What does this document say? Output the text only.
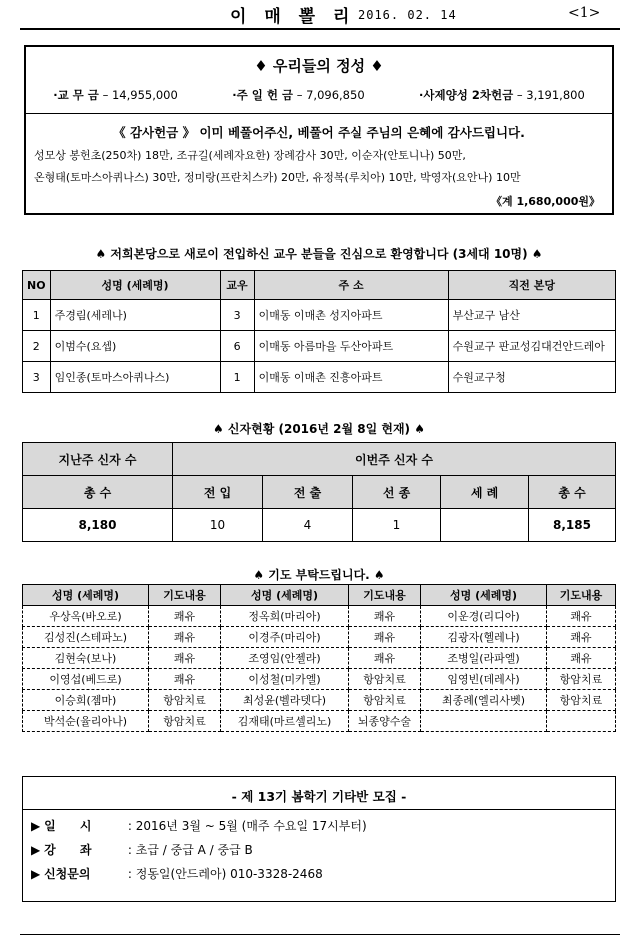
이 매 뽈 리 2016. 02. 14	<1>
♦ 우리들의 정성 ♦
·교 무 금 – 14,955,000	·주 일 헌 금 – 7,096,850	·사제양성 2차헌금 – 3,191,800
《 감사헌금 》 이미 베풀어주신, 베풀어 주실 주님의 은혜에 감사드립니다.
성모상 봉헌초(250차) 18만, 조규길(세례자요한) 장례감사 30만, 이순자(안토니나) 50만,
온형태(토마스아퀴나스) 30만, 정미랑(프란치스카) 20만, 유정복(루치아) 10만, 박영자(요안나) 10만
《계 1,680,000원》
♠ 저희본당으로 새로이 전입하신 교우 분들을 진심으로 환영합니다 (3세대 10명) ♠
NO	성명 (세례명)	교우	주 소	직전 본당
1	주경림(세레나)	3	이매동 이매촌 성지아파트	부산교구 남산
2	이범수(요셉)	6	이매동 아름마을 두산아파트	수원교구 판교성김대건안드레아
3	임인종(토마스아퀴나스)	1	이매동 이매촌 진흥아파트	수원교구청
♠ 신자현황 (2016년 2월 8일 현재) ♠
지난주 신자 수	이번주 신자 수				
총 수	전 입	전 출	선 종	세 례	총 수
8,180	10	4	1		8,185
♠ 기도 부탁드립니다. ♠
성명 (세례명)	기도내용	성명 (세례명)	기도내용	성명 (세례명)	기도내용
우상옥(바오로)	쾌유	정옥희(마리아)	쾌유	이운경(리디아)	쾌유
김성진(스테파노)	쾌유	이경주(마리아)	쾌유	김광자(헬레나)	쾌유
김현숙(보나)	쾌유	조영임(안젤라)	쾌유	조병일(라파엘)	쾌유
이영섭(베드로)	쾌유	이성철(미카엘)	항암치료	임영빈(데레사)	항암치료
이승희(젬마)	항암치료	최성윤(벨라뎃다)	항암치료	최종례(엘리사벳)	항암치료
박석순(율리아나)	항암치료	김재태(마르셀리노)	뇌종양수술		
- 제 13기 봄학기 기타반 모집 -
▶ 일 시 : 2016년 3월 ~ 5월 (매주 수요일 17시부터)
▶ 강 좌 : 초급 / 중급 A / 중급 B
▶ 신청문의	: 정동일(안드레아) 010-3328-2468
